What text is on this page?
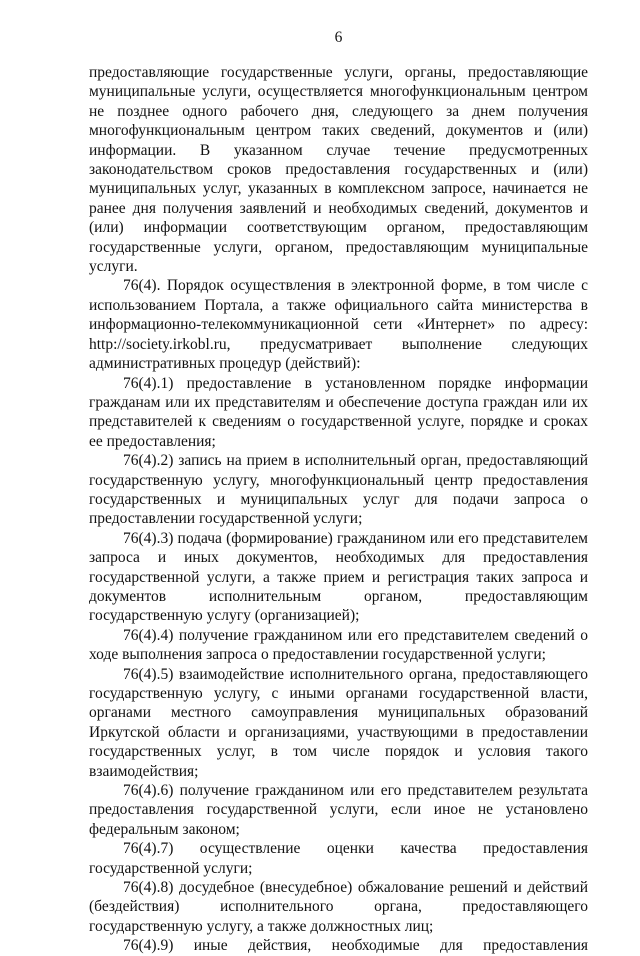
6

предоставляющие государственные услуги, органы, предоставляющие муниципальные услуги, осуществляется многофункциональным центром не позднее одного рабочего дня, следующего за днем получения многофункциональным центром таких сведений, документов и (или) информации. В указанном случае течение предусмотренных законодательством сроков предоставления государственных и (или) муниципальных услуг, указанных в комплексном запросе, начинается не ранее дня получения заявлений и необходимых сведений, документов и (или) информации соответствующим органом, предоставляющим государственные услуги, органом, предоставляющим муниципальные услуги.

76(4). Порядок осуществления в электронной форме, в том числе с использованием Портала, а также официального сайта министерства в информационно-телекоммуникационной сети «Интернет» по адресу: http://society.irkobl.ru, предусматривает выполнение следующих административных процедур (действий):

76(4).1) предоставление в установленном порядке информации гражданам или их представителям и обеспечение доступа граждан или их представителей к сведениям о государственной услуге, порядке и сроках ее предоставления;

76(4).2) запись на прием в исполнительный орган, предоставляющий государственную услугу, многофункциональный центр предоставления государственных и муниципальных услуг для подачи запроса о предоставлении государственной услуги;

76(4).3) подача (формирование) гражданином или его представителем запроса и иных документов, необходимых для предоставления государственной услуги, а также прием и регистрация таких запроса и документов исполнительным органом, предоставляющим государственную услугу (организацией);

76(4).4) получение гражданином или его представителем сведений о ходе выполнения запроса о предоставлении государственной услуги;

76(4).5) взаимодействие исполнительного органа, предоставляющего государственную услугу, с иными органами государственной власти, органами местного самоуправления муниципальных образований Иркутской области и организациями, участвующими в предоставлении государственных услуг, в том числе порядок и условия такого взаимодействия;

76(4).6) получение гражданином или его представителем результата предоставления государственной услуги, если иное не установлено федеральным законом;

76(4).7) осуществление оценки качества предоставления государственной услуги;

76(4).8) досудебное (внесудебное) обжалование решений и действий (бездействия) исполнительного органа, предоставляющего государственную услугу, а также должностных лиц;

76(4).9) иные действия, необходимые для предоставления
